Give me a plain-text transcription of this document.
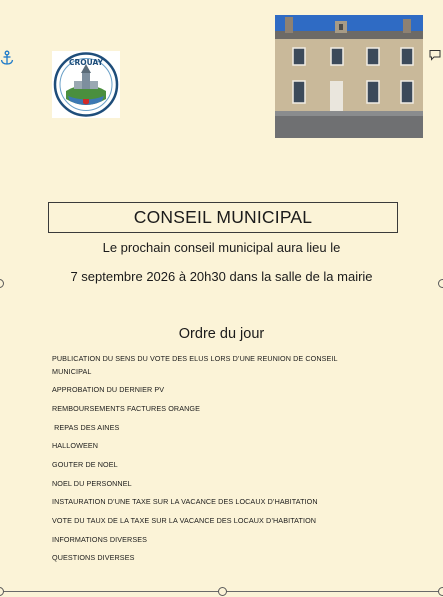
CROUAY
CONSEIL MUNICIPAL
Le prochain conseil municipal aura lieu le
7 septembre 2026 à 20h30 dans la salle de la mairie
Ordre du jour
PUBLICATION DU SENS DU VOTE DES ELUS LORS D’UNE REUNION DE CONSEIL MUNICIPAL
APPROBATION DU DERNIER PV
REMBOURSEMENTS FACTURES ORANGE
REPAS DES AINES
HALLOWEEN
GOUTER DE NOEL
NOEL DU PERSONNEL
INSTAURATION D’UNE TAXE SUR LA VACANCE DES LOCAUX D’HABITATION
VOTE DU TAUX DE LA TAXE SUR LA VACANCE DES LOCAUX D’HABITATION
INFORMATIONS DIVERSES
QUESTIONS DIVERSES
